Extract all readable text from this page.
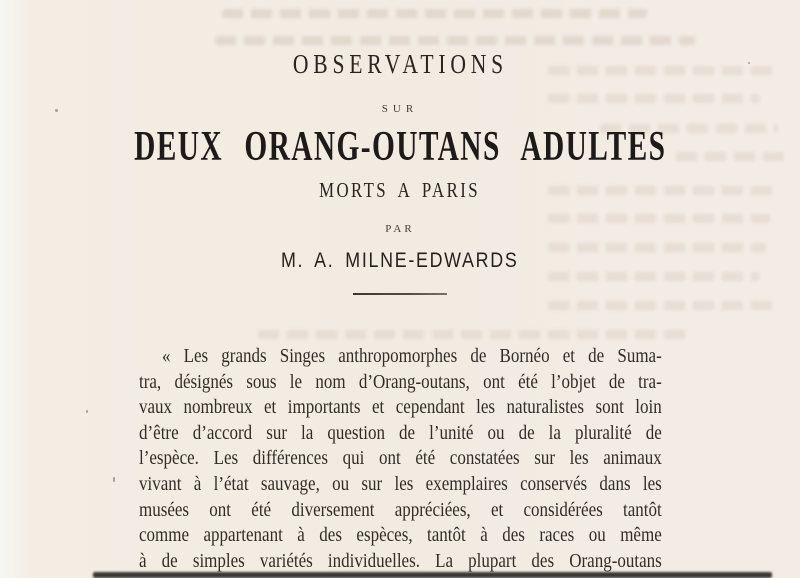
OBSERVATIONS
SUR
DEUX ORANG-OUTANS ADULTES
MORTS A PARIS
PAR
M. A. MILNE-EDWARDS
« Les grands Singes anthropomorphes de Bornéo et de Suma-
tra, désignés sous le nom d’Orang-outans, ont été l’objet de tra-
vaux nombreux et importants et cependant les naturalistes sont loin
d’être d’accord sur la question de l’unité ou de la pluralité de
l’espèce. Les différences qui ont été constatées sur les animaux
vivant à l’état sauvage, ou sur les exemplaires conservés dans les
musées ont été diversement appréciées, et considérées tantôt
comme appartenant à des espèces, tantôt à des races ou même
à de simples variétés individuelles. La plupart des Orang-outans
